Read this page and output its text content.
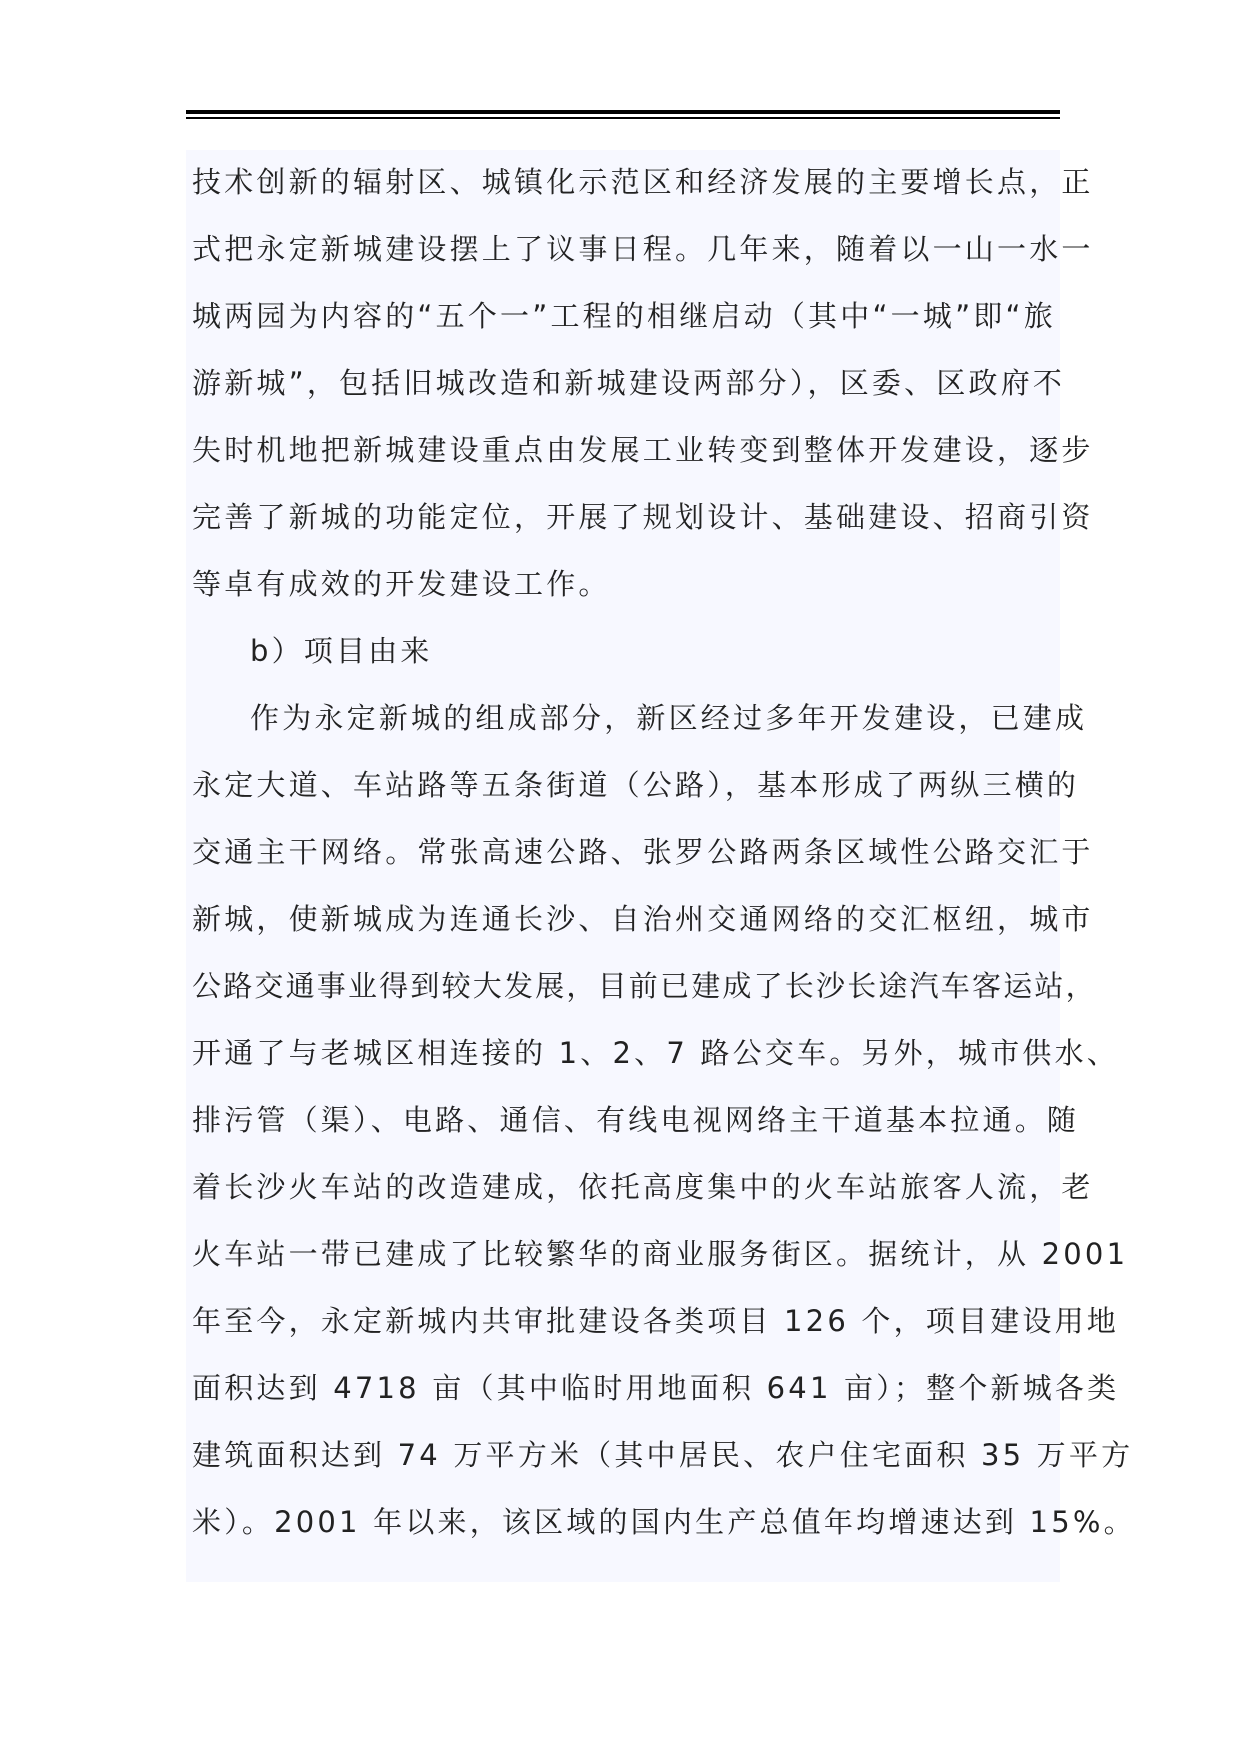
技术创新的辐射区、城镇化示范区和经济发展的主要增长点，正
式把永定新城建设摆上了议事日程。几年来，随着以一山一水一
城两园为内容的“五个一”工程的相继启动（其中“一城”即“旅
游新城”，包括旧城改造和新城建设两部分），区委、区政府不
失时机地把新城建设重点由发展工业转变到整体开发建设，逐步
完善了新城的功能定位，开展了规划设计、基础建设、招商引资
等卓有成效的开发建设工作。
b）项目由来
作为永定新城的组成部分，新区经过多年开发建设，已建成
永定大道、车站路等五条街道（公路），基本形成了两纵三横的
交通主干网络。常张高速公路、张罗公路两条区域性公路交汇于
新城，使新城成为连通长沙、自治州交通网络的交汇枢纽，城市
公路交通事业得到较大发展，目前已建成了长沙长途汽车客运站，
开通了与老城区相连接的 1、2、7 路公交车。另外，城市供水、
排污管（渠）、电路、通信、有线电视网络主干道基本拉通。随
着长沙火车站的改造建成，依托高度集中的火车站旅客人流，老
火车站一带已建成了比较繁华的商业服务街区。据统计，从 2001
年至今，永定新城内共审批建设各类项目 126 个，项目建设用地
面积达到 4718 亩（其中临时用地面积 641 亩）；整个新城各类
建筑面积达到 74 万平方米（其中居民、农户住宅面积 35 万平方
米）。2001 年以来，该区域的国内生产总值年均增速达到 15%。
